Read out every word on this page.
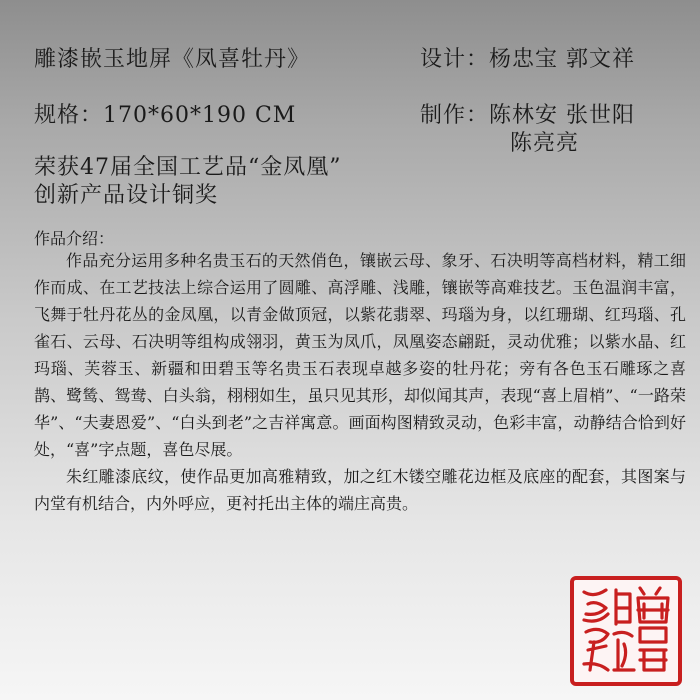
雕漆嵌玉地屏《凤喜牡丹》	设计：杨忠宝 郭文祥
规格：170*60*190 CM	制作：陈林安 张世阳
陈亮亮
荣获47届全国工艺品“金凤凰”
创新产品设计铜奖
作品介绍：

作品充分运用多种名贵玉石的天然俏色，镶嵌云母、象牙、石决明等高档材料，精工细作而成、在工艺技法上综合运用了圆雕、高浮雕、浅雕，镶嵌等高难技艺。玉色温润丰富，飞舞于牡丹花丛的金凤凰，以青金做顶冠，以紫花翡翠、玛瑙为身，以红珊瑚、红玛瑙、孔雀石、云母、石决明等组构成翎羽，黄玉为凤爪，凤凰姿态翩跹，灵动优雅；以紫水晶、红玛瑙、芙蓉玉、新疆和田碧玉等名贵玉石表现卓越多姿的牡丹花；旁有各色玉石雕琢之喜鹊、鹭鸶、鸳鸯、白头翁，栩栩如生，虽只见其形，却似闻其声，表现“喜上眉梢”、“一路荣华”、“夫妻恩爱”、“白头到老”之吉祥寓意。画面构图精致灵动，色彩丰富，动静结合恰到好处，“喜”字点题，喜色尽展。

朱红雕漆底纹，使作品更加高雅精致，加之红木镂空雕花边框及底座的配套，其图案与内堂有机结合，内外呼应，更衬托出主体的端庄高贵。
